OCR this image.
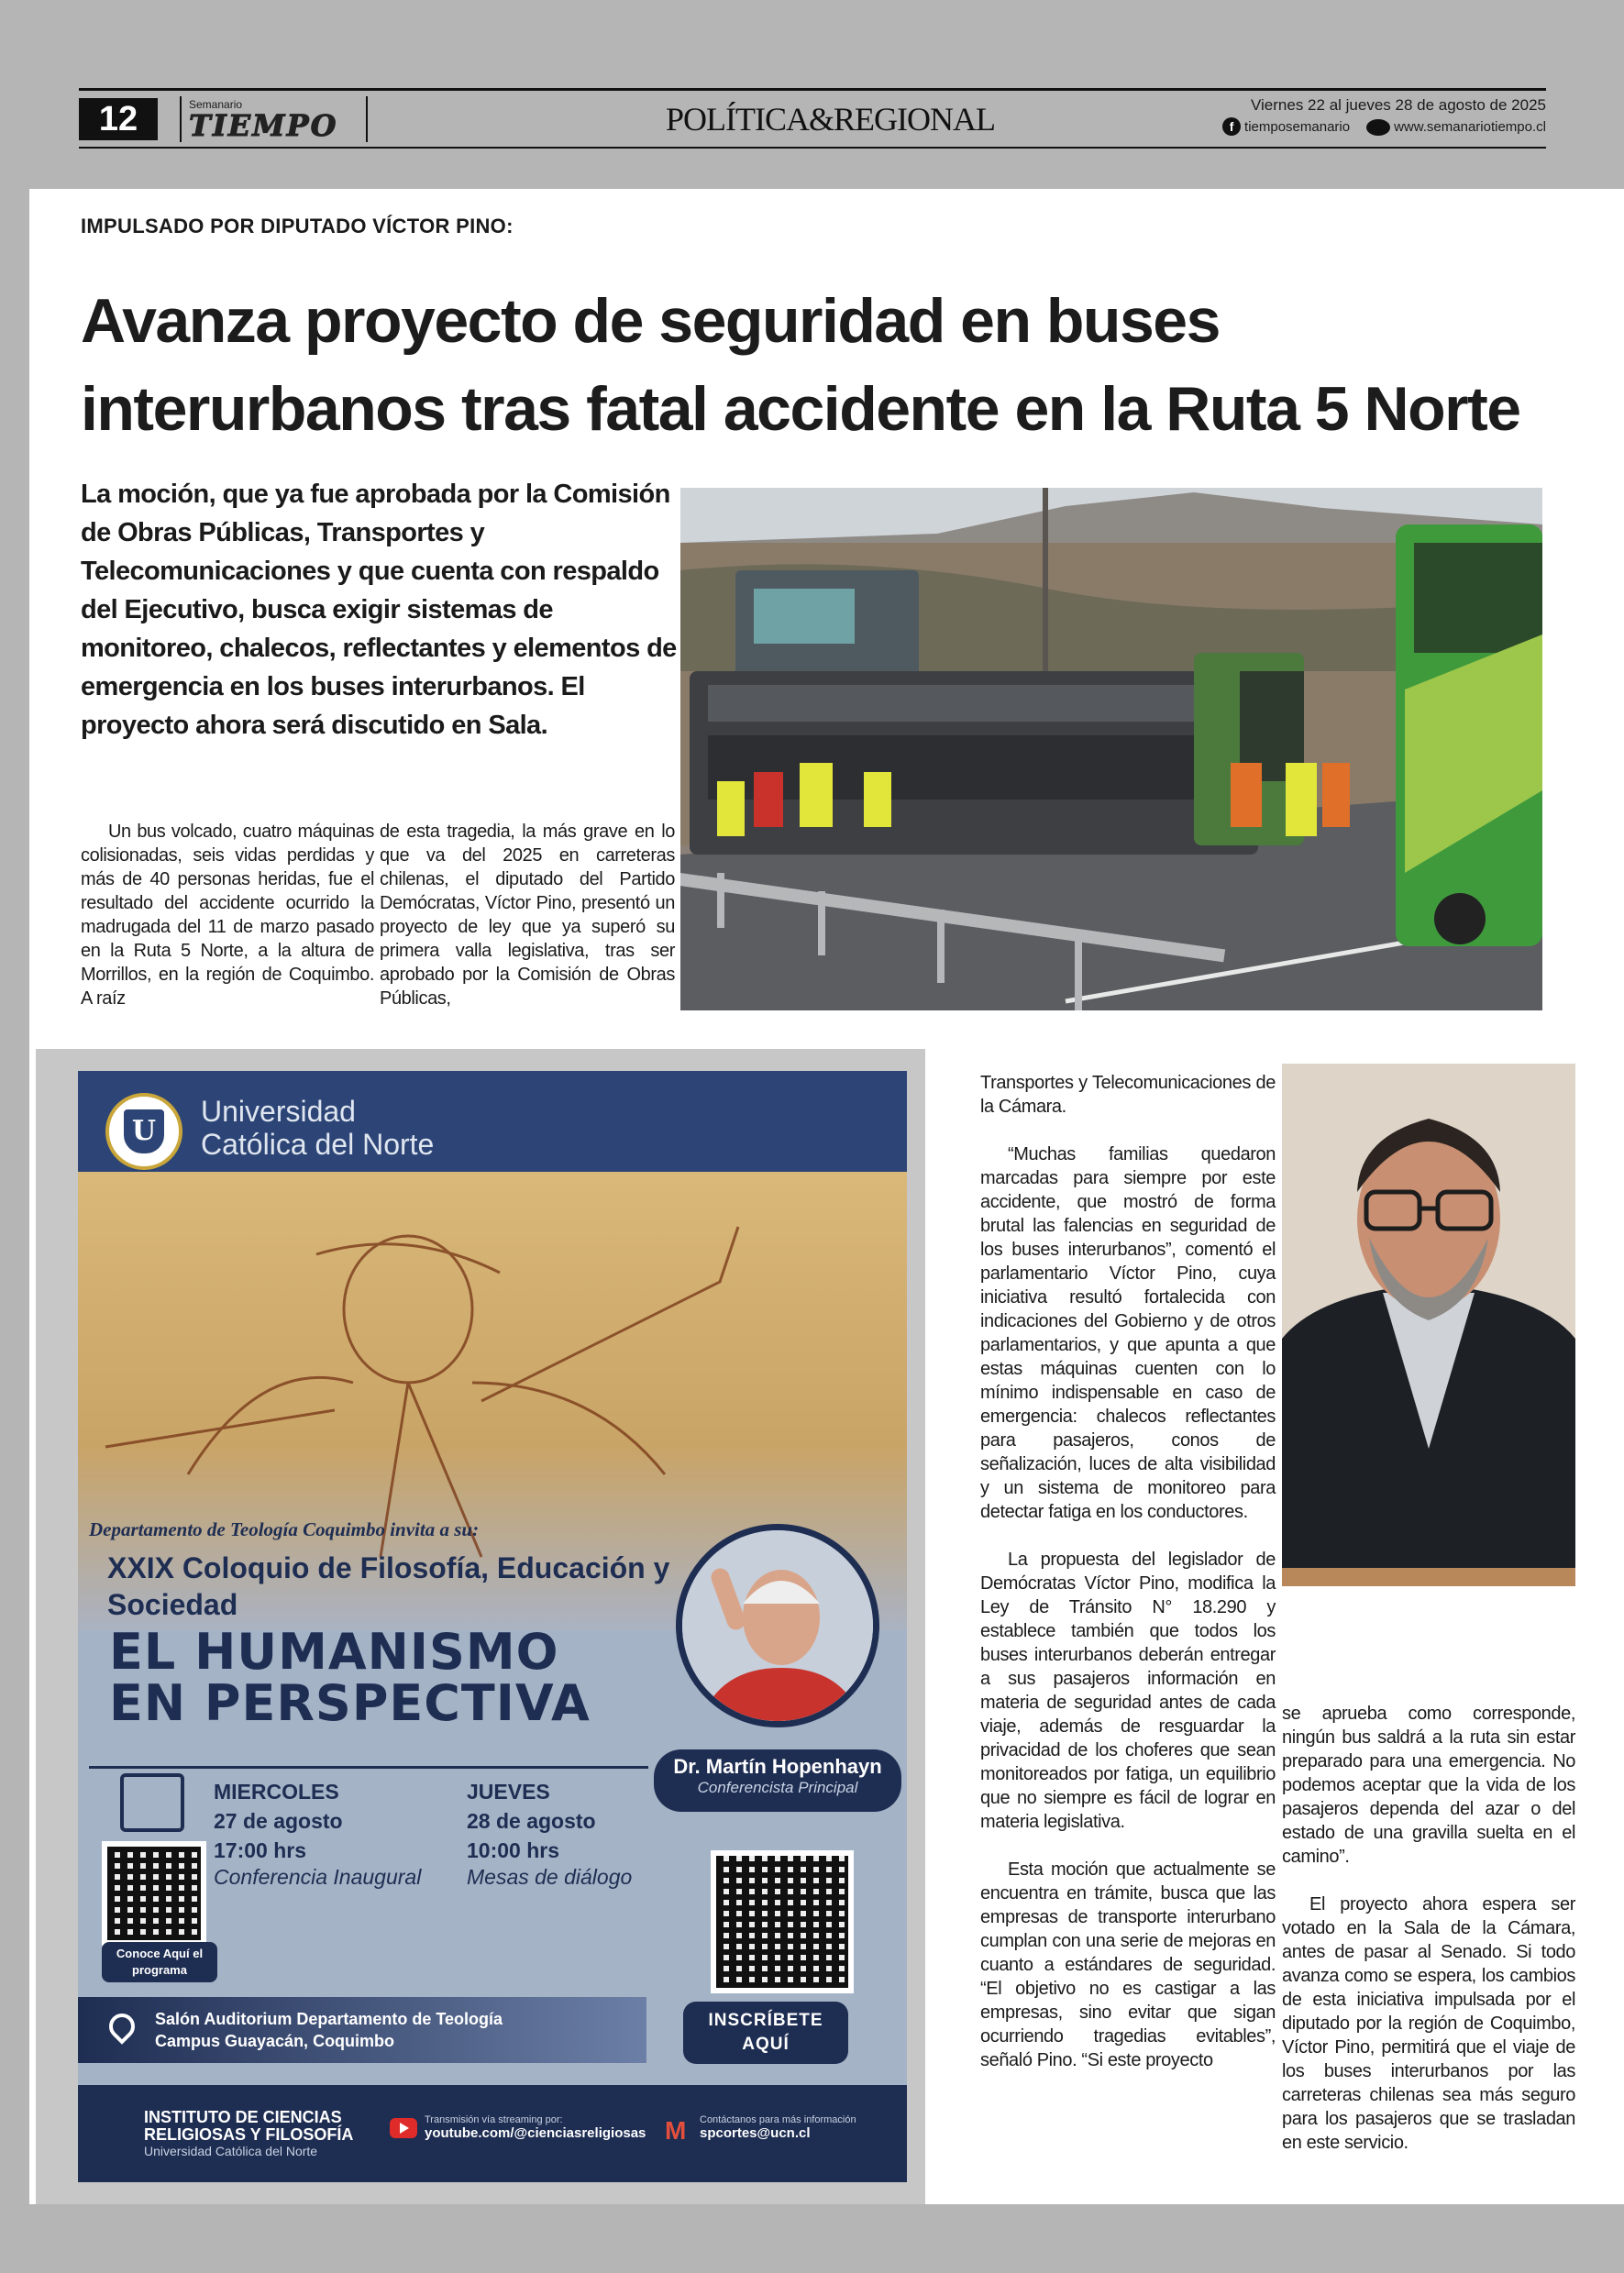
12	Semanario
TIEMPO	POLÍTICA&REGIONAL	Viernes 22 al jueves 28 de agosto de 2025
f tiemposemanario	www.semanariotiempo.cl
IMPULSADO POR DIPUTADO VÍCTOR PINO:
Avanza proyecto de seguridad en buses interurbanos tras fatal accidente en la Ruta 5 Norte
La moción, que ya fue aprobada por la Comisión de Obras Públicas, Transportes y Telecomunicaciones y que cuenta con respaldo del Ejecutivo, busca exigir sistemas de monitoreo, chalecos, reflectantes y elementos de emergencia en los buses interurbanos. El proyecto ahora será discutido en Sala.

Un bus volcado, cuatro máquinas colisionadas, seis vidas perdidas y más de 40 personas heridas, fue el resultado del accidente ocurrido la madrugada del 11 de marzo pasado en la Ruta 5 Norte, a la altura de Morrillos, en la región de Coquimbo. A raíz

de esta tragedia, la más grave en lo que va del 2025 en carreteras chilenas, el diputado del Partido Demócratas, Víctor Pino, presentó un proyecto de ley que ya superó su primera valla legislativa, tras ser aprobado por la Comisión de Obras Públicas,

U
Universidad
Católica del Norte
Departamento de Teología Coquimbo invita a su:
XXIX Coloquio de Filosofía, Educación y Sociedad
EL HUMANISMO
EN PERSPECTIVA
Dr. Martín Hopenhayn
Conferencista Principal
MIERCOLES
27 de agosto
17:00 hrs
Conferencia Inaugural
JUEVES
28 de agosto
10:00 hrs
Mesas de diálogo
Conoce Aquí el programa
Salón Auditorium Departamento de Teología
Campus Guayacán, Coquimbo
INSCRÍBETE AQUÍ
INSTITUTO DE CIENCIAS
RELIGIOSAS Y FILOSOFÍA
Universidad Católica del Norte
Transmisión vía streaming por:
youtube.com/@cienciasreligiosas M Contáctanos para más información
spcortes@ucn.cl

Transportes y Telecomunicaciones de la Cámara.

“Muchas familias quedaron marcadas para siempre por este accidente, que mostró de forma brutal las falencias en seguridad de los buses interurbanos”, comentó el parlamentario Víctor Pino, cuya iniciativa resultó fortalecida con indicaciones del Gobierno y de otros parlamentarios, y que apunta a que estas máquinas cuenten con lo mínimo indispensable en caso de emergencia: chalecos reflectantes para pasajeros, conos de señalización, luces de alta visibilidad y un sistema de monitoreo para detectar fatiga en los conductores.

La propuesta del legislador de Demócratas Víctor Pino, modifica la Ley de Tránsito N° 18.290 y establece también que todos los buses interurbanos deberán entregar a sus pasajeros información en materia de seguridad antes de cada viaje, además de resguardar la privacidad de los choferes que sean monitoreados por fatiga, un equilibrio que no siempre es fácil de lograr en materia legislativa.

Esta moción que actualmente se encuentra en trámite, busca que las empresas de transporte interurbano cumplan con una serie de mejoras en cuanto a estándares de seguridad. “El objetivo no es castigar a las empresas, sino evitar que sigan ocurriendo tragedias evitables”, señaló Pino. “Si este proyecto

se aprueba como corresponde, ningún bus saldrá a la ruta sin estar preparado para una emergencia. No podemos aceptar que la vida de los pasajeros dependa del azar o del estado de una gravilla suelta en el camino”.

El proyecto ahora espera ser votado en la Sala de la Cámara, antes de pasar al Senado. Si todo avanza como se espera, los cambios de esta iniciativa impulsada por el diputado por la región de Coquimbo, Víctor Pino, permitirá que el viaje de los buses interurbanos por las carreteras chilenas sea más seguro para los pasajeros que se trasladan en este servicio.
